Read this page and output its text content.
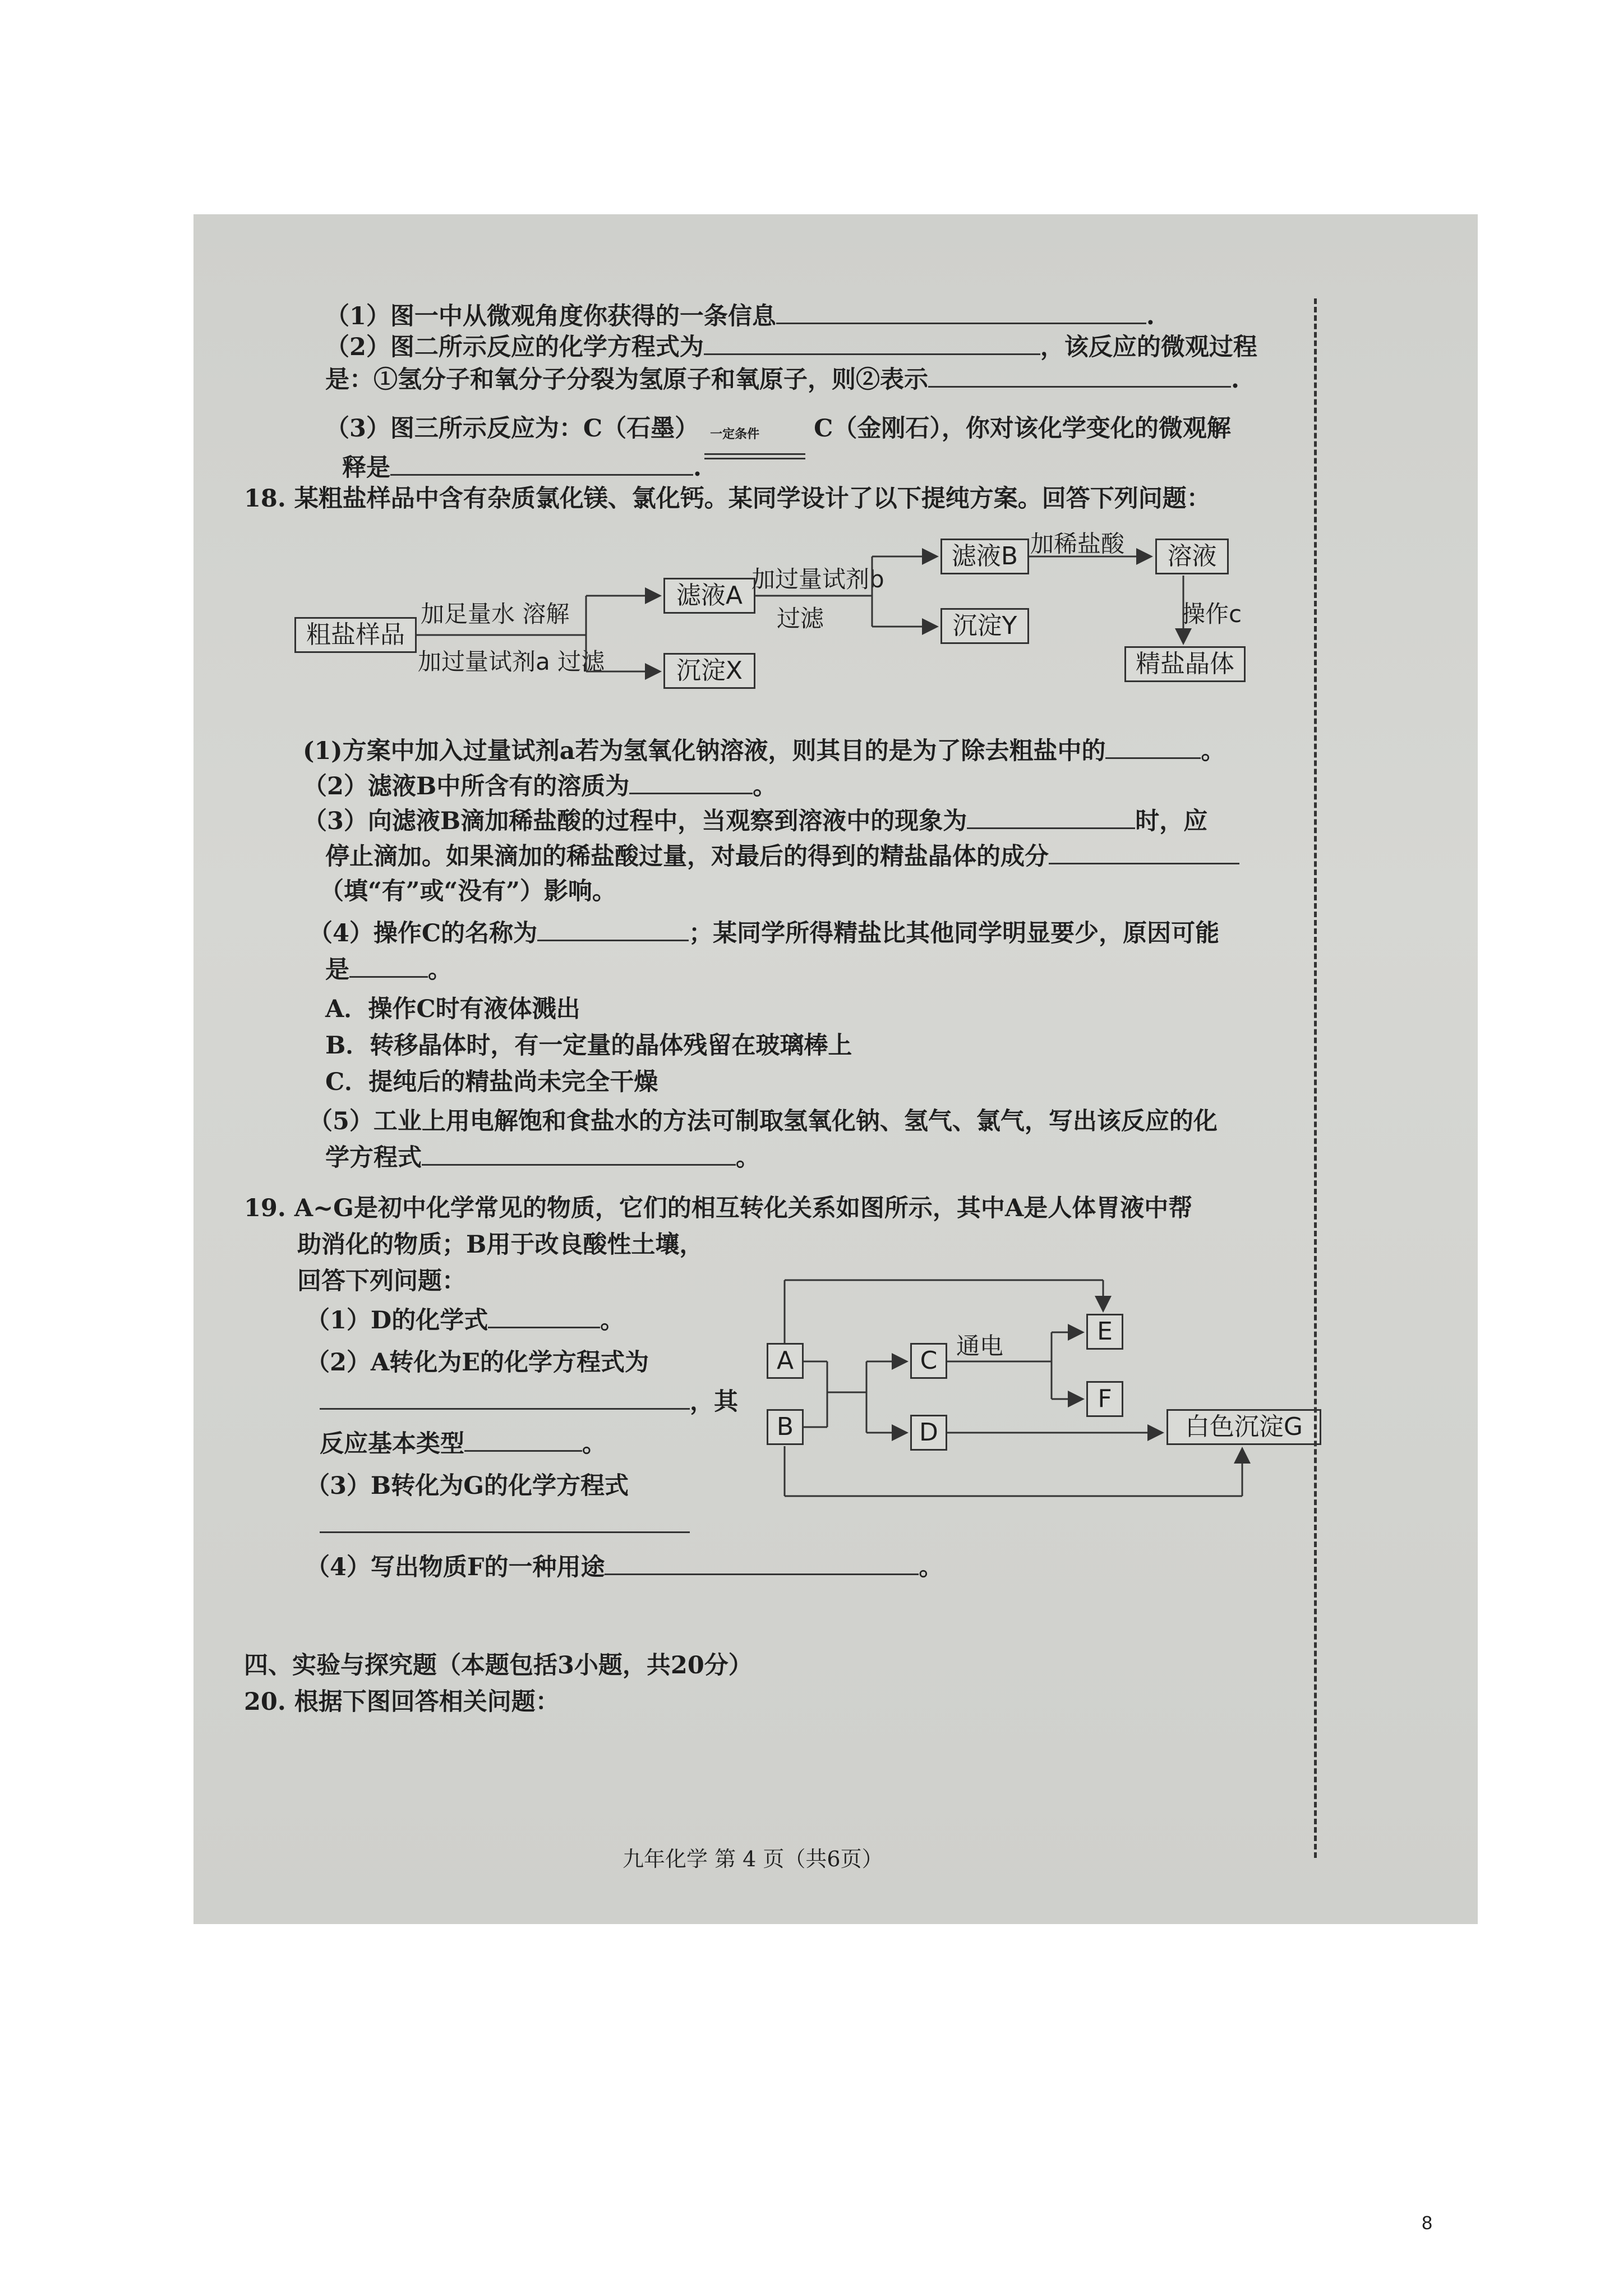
（1）图一中从微观角度你获得的一条信息	.
（2）图二所示反应的化学方程式为	，该反应的微观过程
是：①氢分子和氧分子分裂为氢原子和氧原子，则②表示	.
（3）图三所示反应为：C（石墨） 一定条件 C（金刚石），你对该化学变化的微观解
释是	.
18. 某粗盐样品中含有杂质氯化镁、氯化钙。某同学设计了以下提纯方案。回答下列问题：
粗盐样品
加足量水 溶解
加过量试剂a 过滤
滤液A
沉淀X
加过量试剂b
过滤
滤液B
沉淀Y
加稀盐酸	溶液
操作c
精盐晶体
(1)方案中加入过量试剂a若为氢氧化钠溶液，则其目的是为了除去粗盐中的	。
（2）滤液B中所含有的溶质为	。
（3）向滤液B滴加稀盐酸的过程中，当观察到溶液中的现象为	时，应
停止滴加。如果滴加的稀盐酸过量，对最后的得到的精盐晶体的成分
（填“有”或“没有”）影响。
（4）操作C的名称为	；某同学所得精盐比其他同学明显要少，原因可能
是	。
A．操作C时有液体溅出
B．转移晶体时，有一定量的晶体残留在玻璃棒上
C．提纯后的精盐尚未完全干燥
（5）工业上用电解饱和食盐水的方法可制取氢氧化钠、氢气、氯气，写出该反应的化
学方程式	。
19. A~G是初中化学常见的物质，它们的相互转化关系如图所示，其中A是人体胃液中帮
助消化的物质；B用于改良酸性土壤，
回答下列问题：
（1）D的化学式	。
（2）A转化为E的化学方程式为
，其
反应基本类型	。
（3）B转化为G的化学方程式
（4）写出物质F的一种用途	。
A
B
C
D
E
F
通电
白色沉淀G
四、实验与探究题（本题包括3小题，共20分）
20. 根据下图回答相关问题：
九年化学 第 4 页（共6页）
8
